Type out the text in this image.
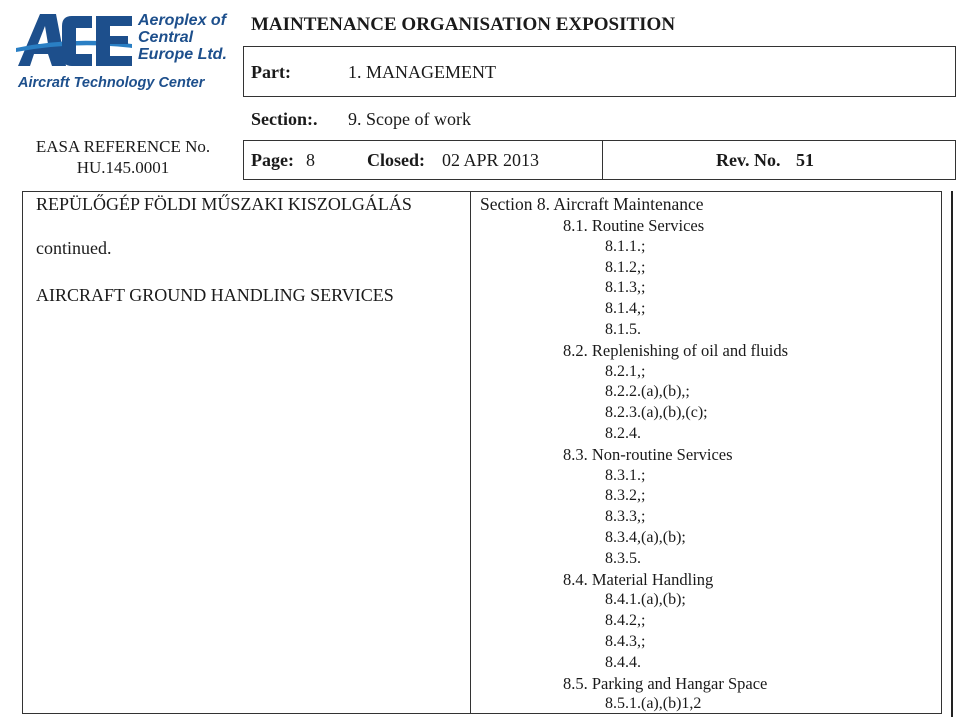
Aeroplex of
Central
Europe Ltd.
Aircraft Technology Center
EASA REFERENCE No.
HU.145.0001
MAINTENANCE ORGANISATION EXPOSITION
Part:	1. MANAGEMENT
Section:. 9. Scope of work
Page: 8	Closed: 02 APR 2013	Rev. No. 51
REPÜLŐGÉP FÖLDI MŰSZAKI KISZOLGÁLÁS
continued.
AIRCRAFT GROUND HANDLING SERVICES
Section 8. Aircraft Maintenance
8.1. Routine Services
8.1.1.;
8.1.2,;
8.1.3,;
8.1.4,;
8.1.5.
8.2. Replenishing of oil and fluids
8.2.1,;
8.2.2.(a),(b),;
8.2.3.(a),(b),(c);
8.2.4.
8.3. Non-routine Services
8.3.1.;
8.3.2,;
8.3.3,;
8.3.4,(a),(b);
8.3.5.
8.4. Material Handling
8.4.1.(a),(b);
8.4.2,;
8.4.3,;
8.4.4.
8.5. Parking and Hangar Space
8.5.1.(a),(b)1,2
